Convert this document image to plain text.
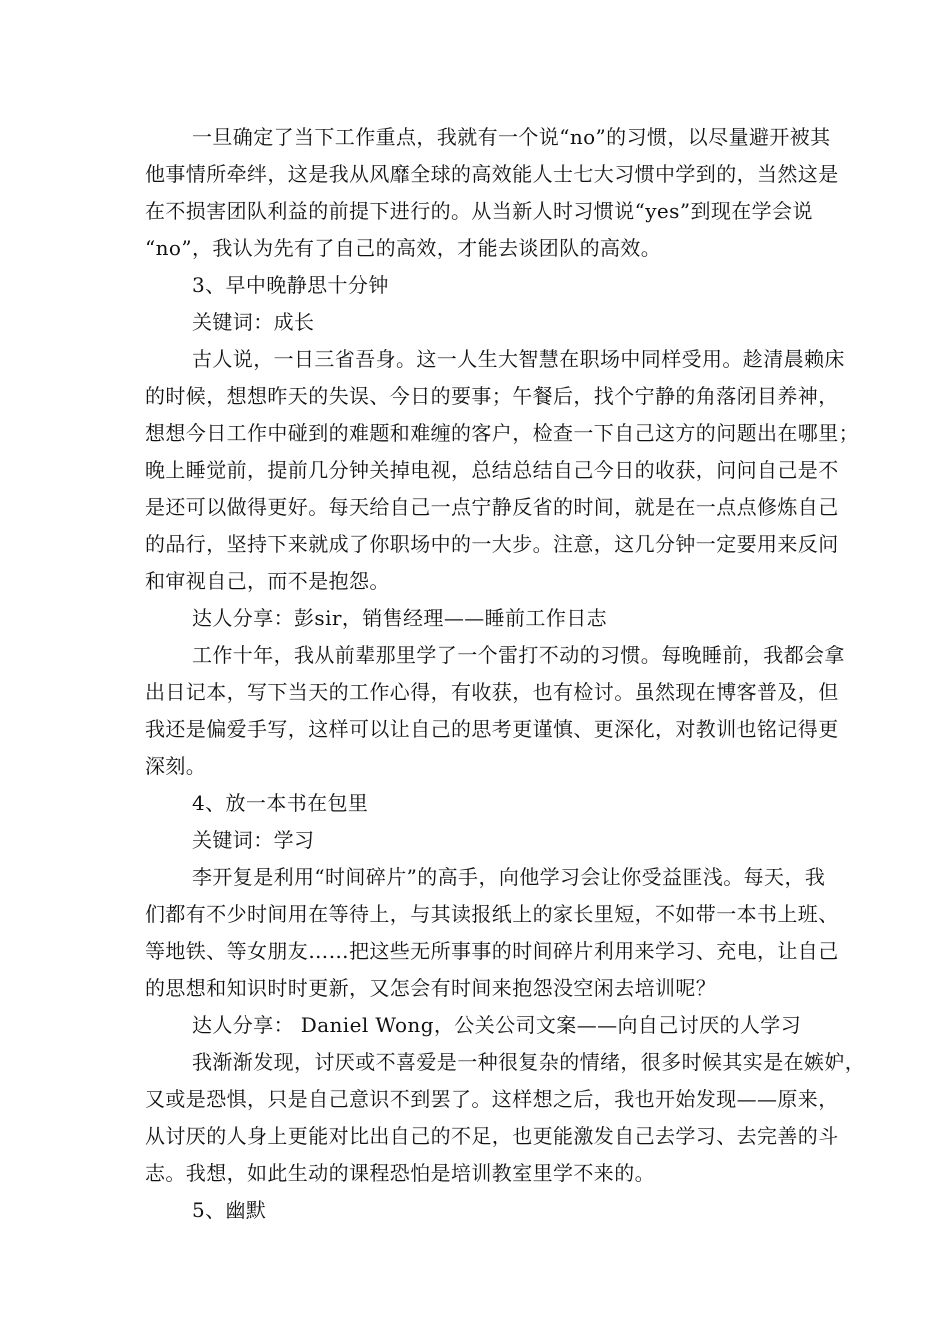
一旦确定了当下工作重点，我就有一个说“no”的习惯，以尽量避开被其
他事情所牵绊，这是我从风靡全球的高效能人士七大习惯中学到的，当然这是
在不损害团队利益的前提下进行的。从当新人时习惯说“yes”到现在学会说
“no”，我认为先有了自己的高效，才能去谈团队的高效。
3、早中晚静思十分钟
关键词：成长
古人说，一日三省吾身。这一人生大智慧在职场中同样受用。趁清晨赖床
的时候，想想昨天的失误、今日的要事；午餐后，找个宁静的角落闭目养神，
想想今日工作中碰到的难题和难缠的客户，检查一下自己这方的问题出在哪里；
晚上睡觉前，提前几分钟关掉电视，总结总结自己今日的收获，问问自己是不
是还可以做得更好。每天给自己一点宁静反省的时间，就是在一点点修炼自己
的品行，坚持下来就成了你职场中的一大步。注意，这几分钟一定要用来反问
和审视自己，而不是抱怨。
达人分享：彭sir，销售经理——睡前工作日志
工作十年，我从前辈那里学了一个雷打不动的习惯。每晚睡前，我都会拿
出日记本，写下当天的工作心得，有收获，也有检讨。虽然现在博客普及，但
我还是偏爱手写，这样可以让自己的思考更谨慎、更深化，对教训也铭记得更
深刻。
4、放一本书在包里
关键词：学习
李开复是利用“时间碎片”的高手，向他学习会让你受益匪浅。每天，我
们都有不少时间用在等待上，与其读报纸上的家长里短，不如带一本书上班、
等地铁、等女朋友……把这些无所事事的时间碎片利用来学习、充电，让自己
的思想和知识时时更新，又怎会有时间来抱怨没空闲去培训呢？
达人分享： Daniel Wong，公关公司文案——向自己讨厌的人学习
我渐渐发现，讨厌或不喜爱是一种很复杂的情绪，很多时候其实是在嫉妒，
又或是恐惧，只是自己意识不到罢了。这样想之后，我也开始发现——原来，
从讨厌的人身上更能对比出自己的不足，也更能激发自己去学习、去完善的斗
志。我想，如此生动的课程恐怕是培训教室里学不来的。
5、幽默
